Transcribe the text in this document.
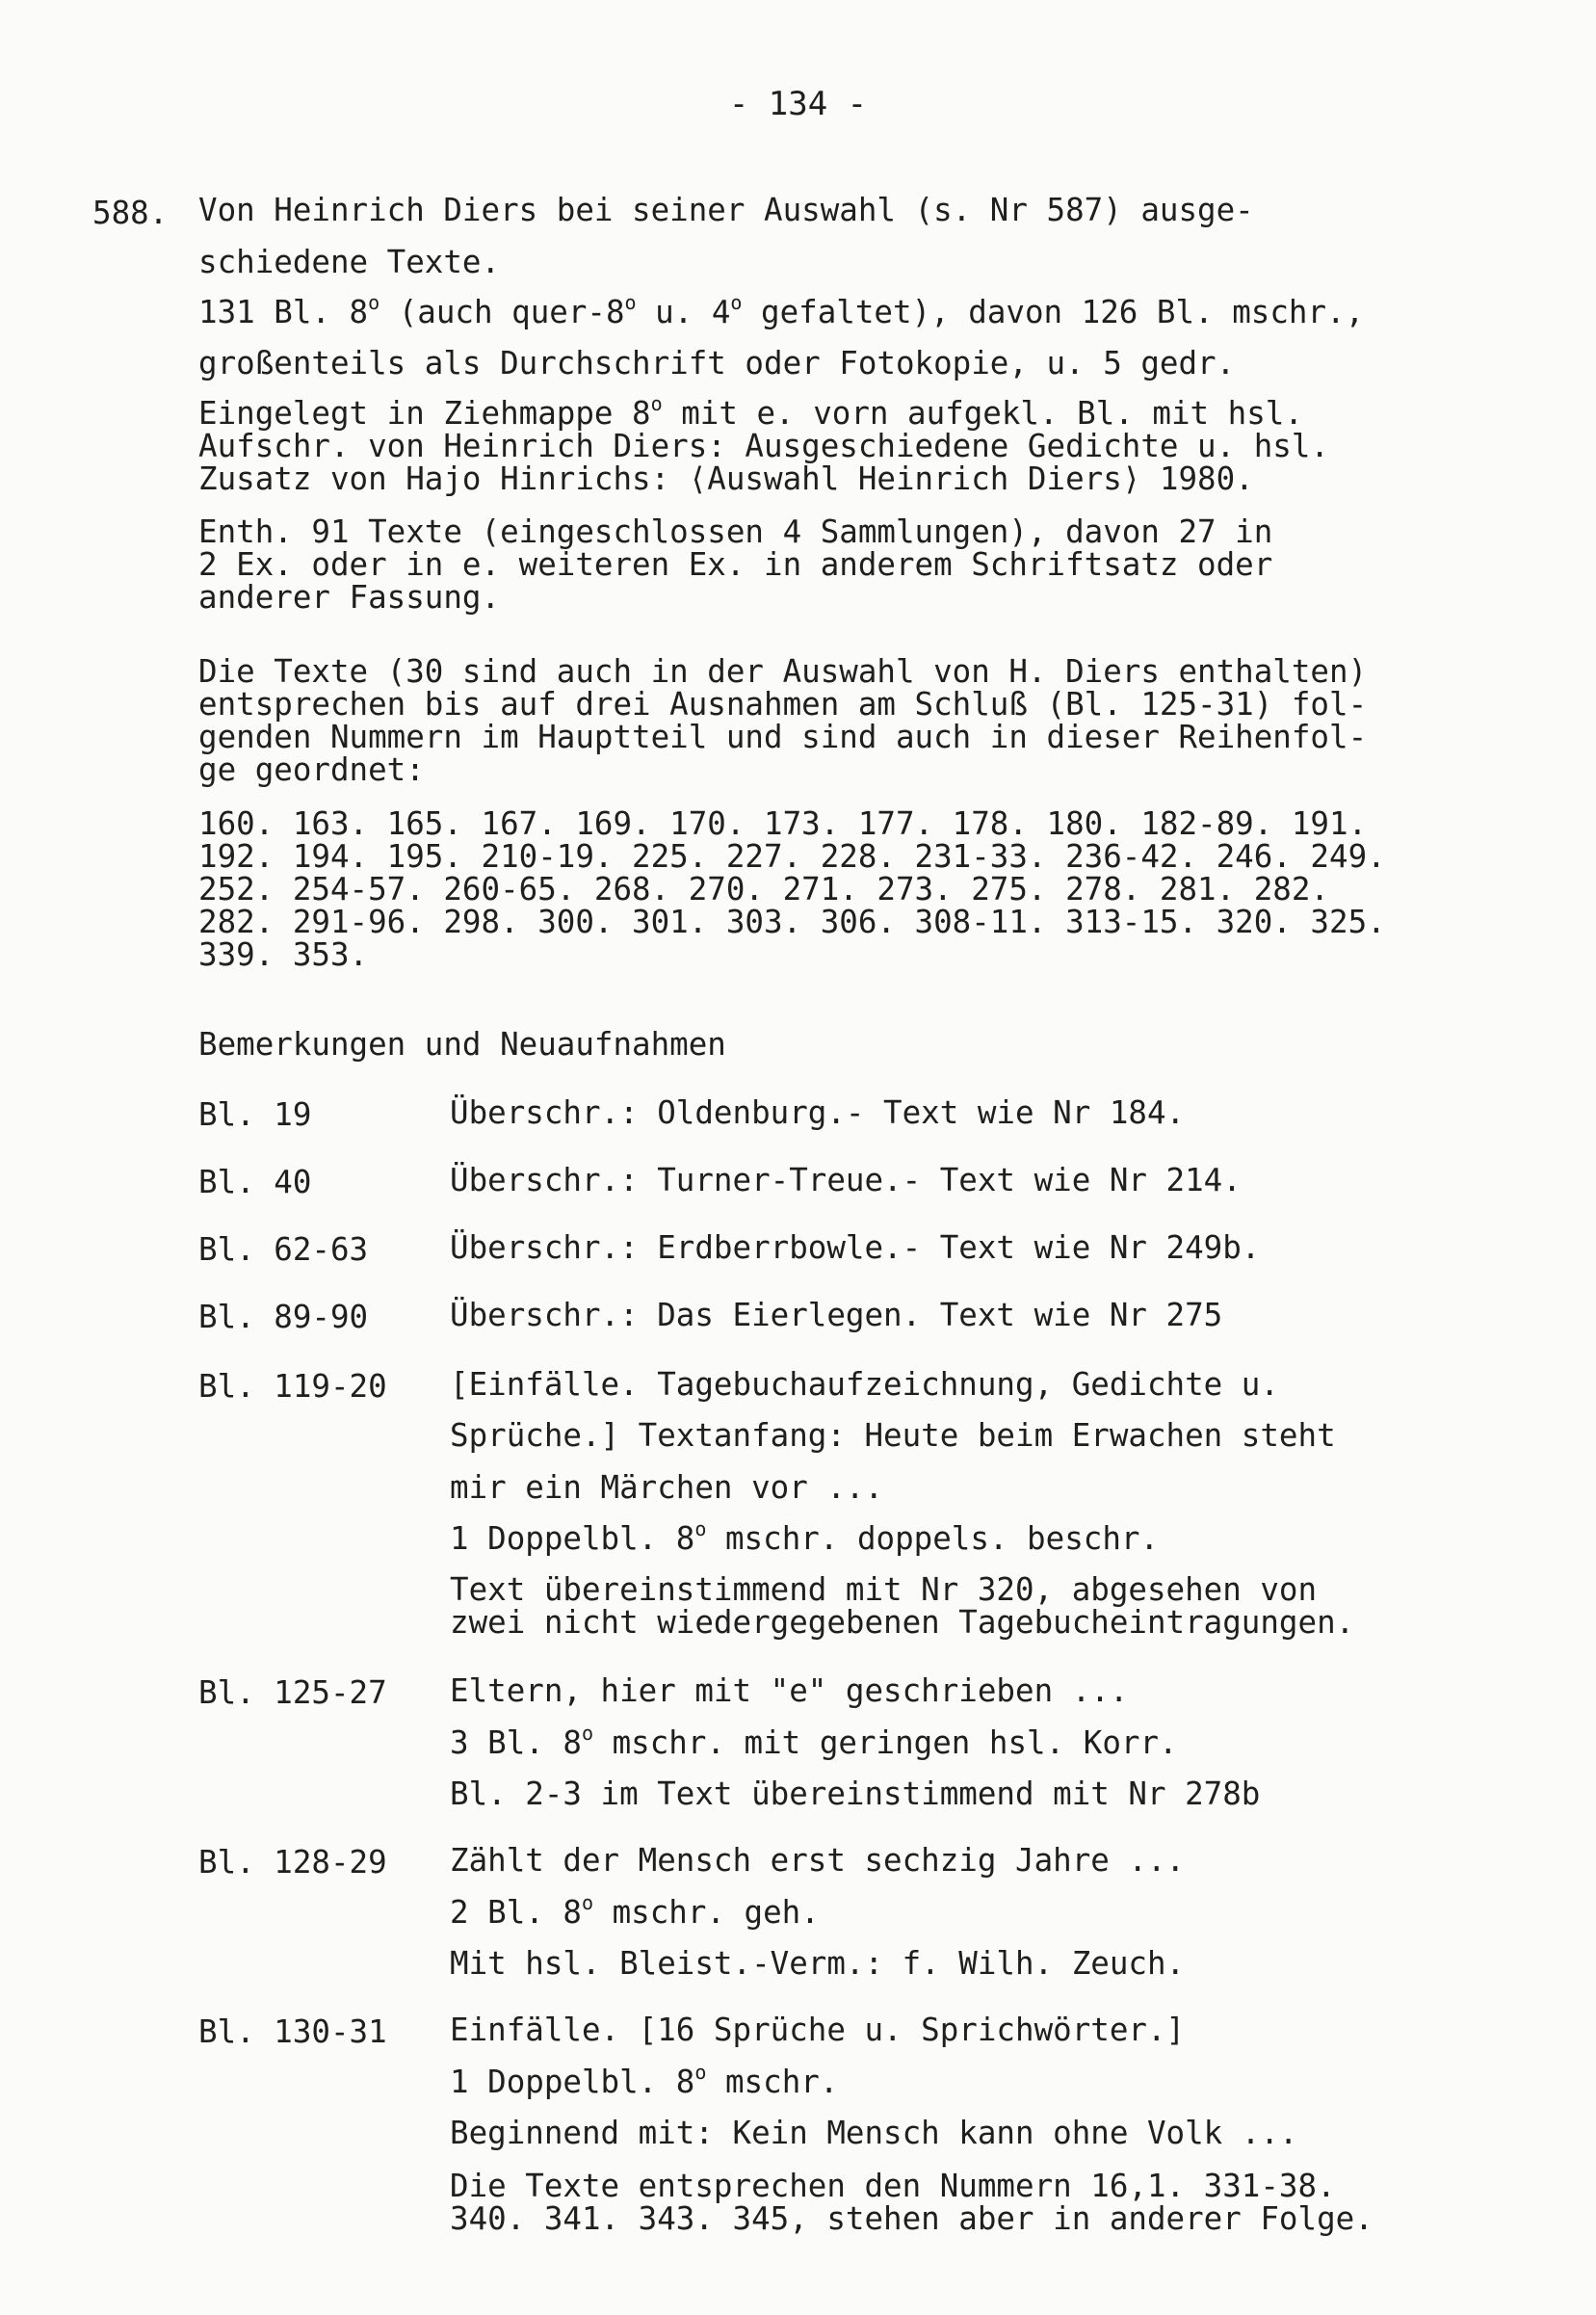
- 134 -
588. Von Heinrich Diers bei seiner Auswahl (s. Nr 587) ausge-
schiedene Texte.
131 Bl. 8$^o$ (auch quer-8$^o$ u. 4$^o$ gefaltet), davon 126 Bl. mschr.,
großenteils als Durchschrift oder Fotokopie, u. 5 gedr.
Eingelegt in Ziehmappe 8$^o$ mit e. vorn aufgekl. Bl. mit hsl.
Aufschr. von Heinrich Diers: Ausgeschiedene Gedichte u. hsl.
Zusatz von Hajo Hinrichs: ⟨Auswahl Heinrich Diers⟩ 1980.
Enth. 91 Texte (eingeschlossen 4 Sammlungen), davon 27 in
2 Ex. oder in e. weiteren Ex. in anderem Schriftsatz oder
anderer Fassung.
Die Texte (30 sind auch in der Auswahl von H. Diers enthalten)
entsprechen bis auf drei Ausnahmen am Schluß (Bl. 125-31) fol-
genden Nummern im Hauptteil und sind auch in dieser Reihenfol-
ge geordnet:
160. 163. 165. 167. 169. 170. 173. 177. 178. 180. 182-89. 191.
192. 194. 195. 210-19. 225. 227. 228. 231-33. 236-42. 246. 249.
252. 254-57. 260-65. 268. 270. 271. 273. 275. 278. 281. 282.
282. 291-96. 298. 300. 301. 303. 306. 308-11. 313-15. 320. 325.
339. 353.
Bemerkungen und Neuaufnahmen
Bl. 19	Überschr.: Oldenburg.- Text wie Nr 184.
Bl. 40	Überschr.: Turner-Treue.- Text wie Nr 214.
Bl. 62-63	Überschr.: Erdberrbowle.- Text wie Nr 249b.
Bl. 89-90	Überschr.: Das Eierlegen. Text wie Nr 275
Bl. 119-20 [Einfälle. Tagebuchaufzeichnung, Gedichte u.
Sprüche.] Textanfang: Heute beim Erwachen steht
mir ein Märchen vor ...
1 Doppelbl. 8$^o$ mschr. doppels. beschr.
Text übereinstimmend mit Nr 320, abgesehen von
zwei nicht wiedergegebenen Tagebucheintragungen.
Bl. 125-27 Eltern, hier mit "e" geschrieben ...
3 Bl. 8$^o$ mschr. mit geringen hsl. Korr.
Bl. 2-3 im Text übereinstimmend mit Nr 278b
Bl. 128-29 Zählt der Mensch erst sechzig Jahre ...
2 Bl. 8$^o$ mschr. geh.
Mit hsl. Bleist.-Verm.: f. Wilh. Zeuch.
Bl. 130-31 Einfälle. [16 Sprüche u. Sprichwörter.]
1 Doppelbl. 8$^o$ mschr.
Beginnend mit: Kein Mensch kann ohne Volk ...
Die Texte entsprechen den Nummern 16,1. 331-38.
340. 341. 343. 345, stehen aber in anderer Folge.
